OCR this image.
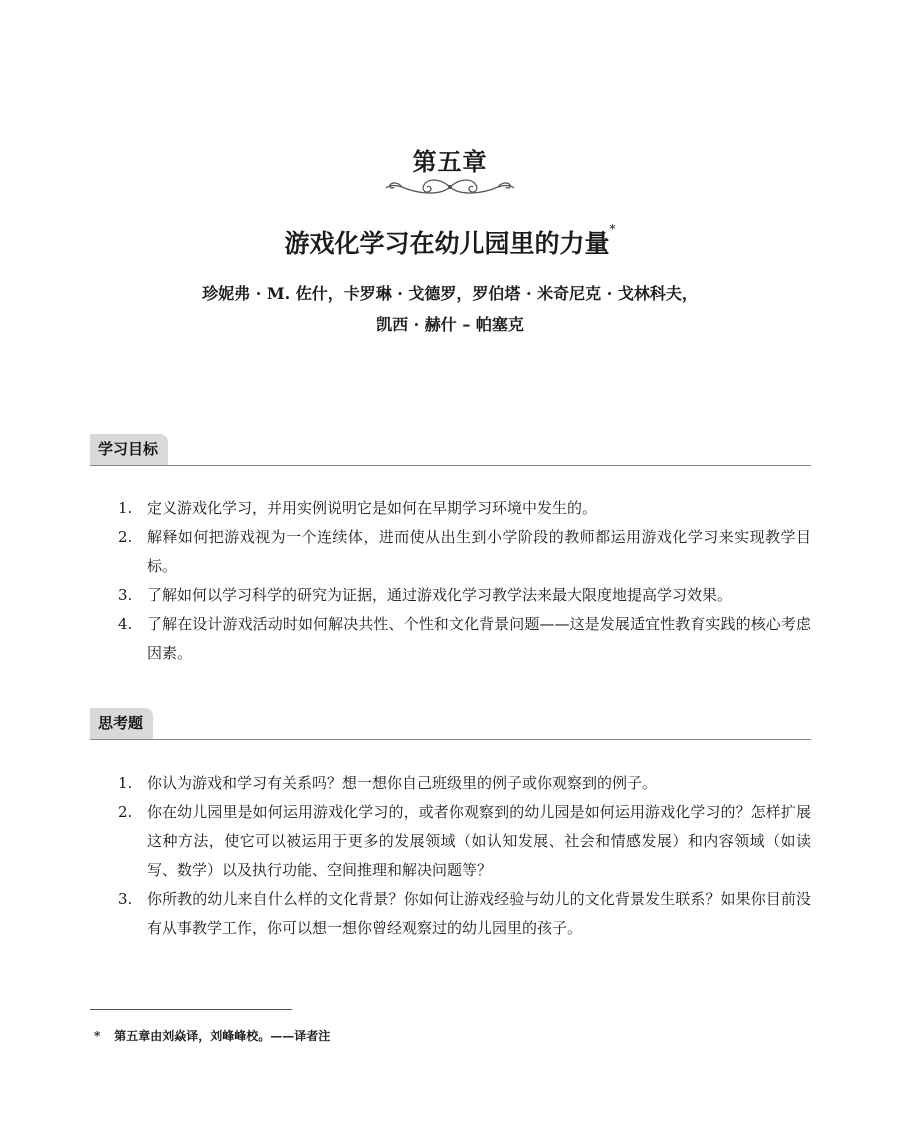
第五章
游戏化学习在幼儿园里的力量*
珍妮弗 · M. 佐什，卡罗琳 · 戈德罗，罗伯塔 · 米奇尼克 · 戈林科夫，
凯西 · 赫什 – 帕塞克
学习目标
1. 定义游戏化学习，并用实例说明它是如何在早期学习环境中发生的。
2. 解释如何把游戏视为一个连续体，进而使从出生到小学阶段的教师都运用游戏化学习来实现教学目标。
3. 了解如何以学习科学的研究为证据，通过游戏化学习教学法来最大限度地提高学习效果。
4. 了解在设计游戏活动时如何解决共性、个性和文化背景问题——这是发展适宜性教育实践的核心考虑因素。
思考题
1. 你认为游戏和学习有关系吗？想一想你自己班级里的例子或你观察到的例子。
2. 你在幼儿园里是如何运用游戏化学习的，或者你观察到的幼儿园是如何运用游戏化学习的？怎样扩展这种方法，使它可以被运用于更多的发展领域（如认知发展、社会和情感发展）和内容领域（如读写、数学）以及执行功能、空间推理和解决问题等？
3. 你所教的幼儿来自什么样的文化背景？你如何让游戏经验与幼儿的文化背景发生联系？如果你目前没有从事教学工作，你可以想一想你曾经观察过的幼儿园里的孩子。
* 第五章由刘焱译，刘峰峰校。——译者注
